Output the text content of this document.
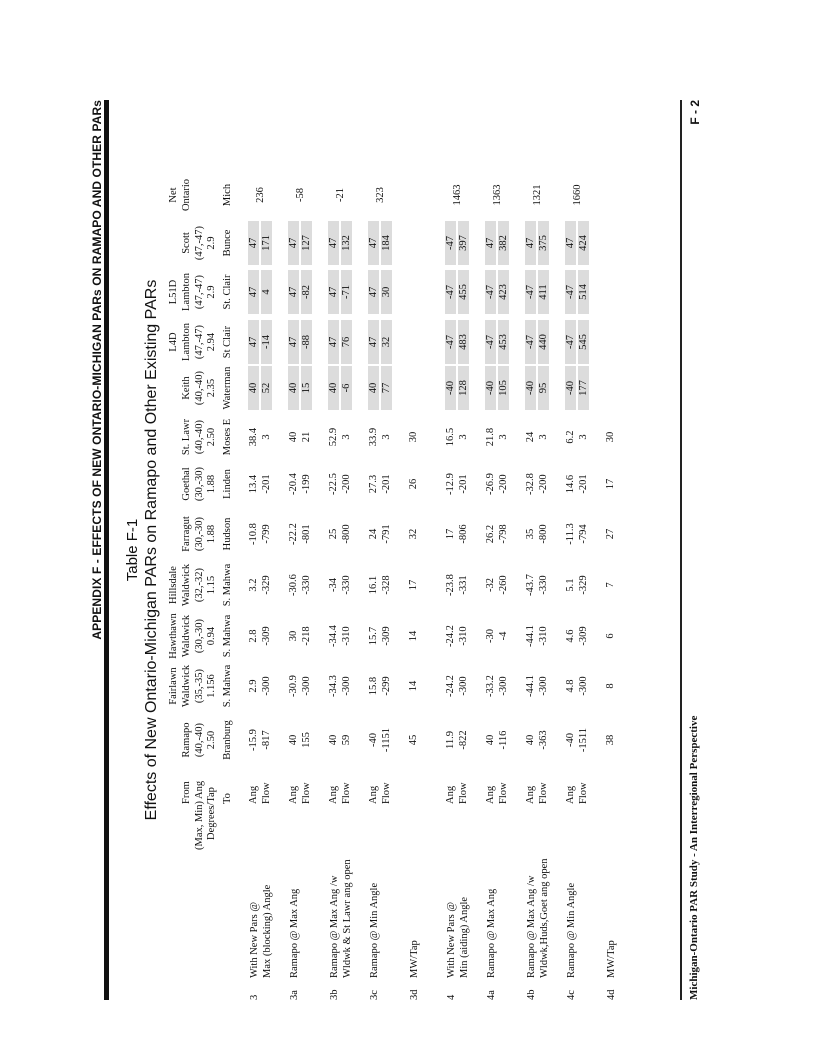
APPENDIX F - EFFECTS OF NEW ONTARIO-MICHIGAN PARs ON RAMAPO AND OTHER PARs Table F-1 Effects of New Ontario-Michigan PARs on Ramapo and Other Existing PARs From (Max, Min) Ang Degrees/Tap To
Ramapo (40,-40) 2.50 Branburg
Fairlawn Waldwick (35,-35) 1.156 S. Mahwa
Hawthawn Waldwick (30,-30) 0.94 S. Mahwa
Hillsdale Waldwick (32,-32) 1.15 S. Mahwa
Farragut (30,-30) 1.88 Hudson
Goethal (30,-30) 1.88 Linden
St. Lawr (40,-40) 2.50 Moses E
Keith (40,-40) 2.35 Waterman
L4D Lambton (47,-47) 2.94 St Clair
L51D Lambton (47,-47) 2.9 St. Clair
Scott (47,-47) 2.9 Bunce
Net Ontario	Mich
3With New Pars @ Max (blocking) Angle
Ang Flow
-15.9
2.9
2.8
3.2
-10.8
13.4
38.4
40
47
47
47
-817
-300
-309
-329
-799
-201
3
52
-14
4
171
236
3aRamapo @ Max Ang

Ang Flow
40
-30.9
30
-30.6
-22.2
-20.4
40
40
47
47
47
155
-300
-218
-330
-801
-199
21
15
-88
-82
127
-58
3bRamapo @ Max Ang /w Wldwk & St Lawr ang open
Ang Flow
40
-34.3
-34.4
-34
25
-22.5
52.9
40
47
47
47
59
-300
-310
-330
-800
-200
3
-6
76
-71
132
-21
3cRamapo @ Min Angle

Ang Flow
-40
15.8
15.7
16.1
24
27.3
33.9
40
47
47
47
-1151
-299
-309
-328
-791
-201
3
77
32
30
184
323
3dMW/Tap

45
14
14
17
32
26
30
4With New Pars @ Min (aiding) Angle
Ang Flow
11.9
-24.2
-24.2
-23.8
17
-12.9
16.5
-40
-47
-47
-47
-822
-300
-310
-331
-806
-201
3
128
483
455
397
1463
4aRamapo @ Max Ang

Ang Flow
40
-33.2
-30
-32
26.2
-26.9
21.8
-40
-47
-47
47
-116
-300
-4
-260
-798
-200
3
105
453
423
382
1363
4bRamapo @ Max Ang /w Wldwk,Huds,Goet ang open
Ang Flow
40
-44.1
-44.1
-43.7
35
-32.8
24
-40
-47
-47
47
-363
-300
-310
-330
-800
-200
3
95
440
411
375
1321
4cRamapo @ Min Angle

Ang Flow
-40
4.8
4.6
5.1
-11.3
14.6
6.2
-40
-47
-47
47
-1511
-300
-309
-329
-794
-201
3
177
545
514
424
1660
4dMW/Tap

38
8
6
7
27
17
30
Michigan-Ontario PAR Study - An Interregional Perspective
F - 2
